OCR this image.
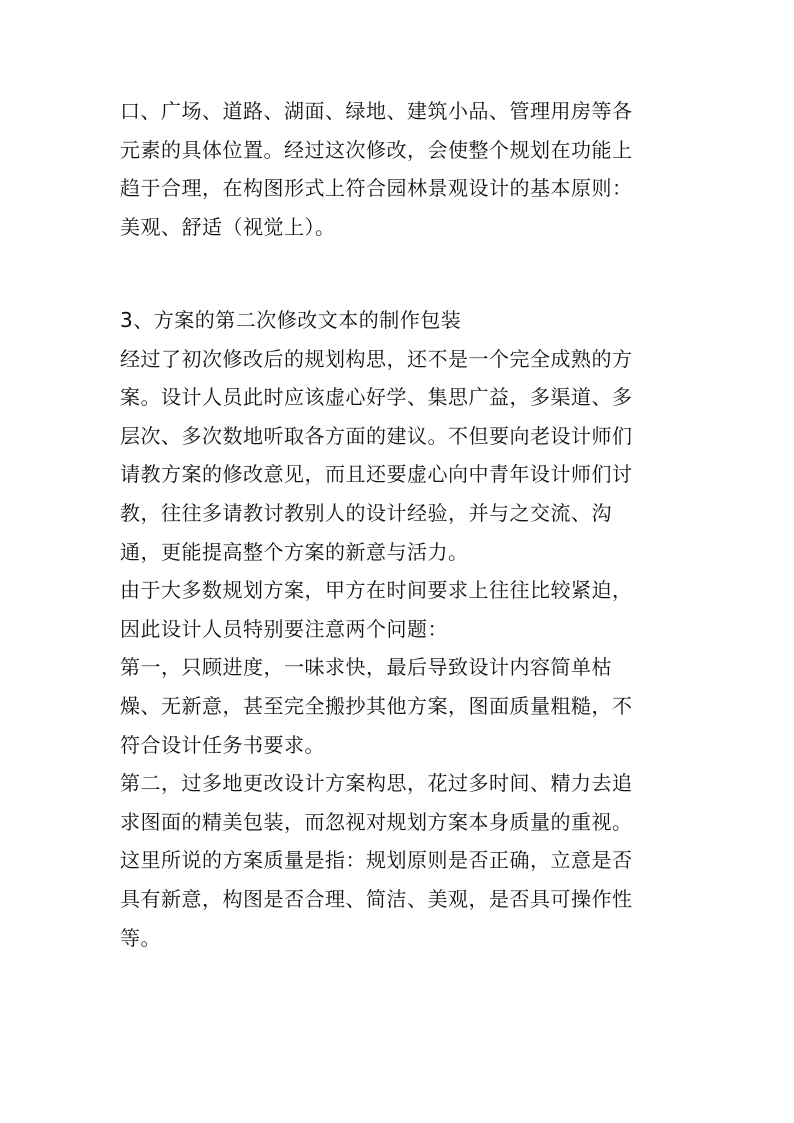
口、广场、道路、湖面、绿地、建筑小品、管理用房等各
元素的具体位置。经过这次修改，会使整个规划在功能上
趋于合理，在构图形式上符合园林景观设计的基本原则：
美观、舒适（视觉上）。
3、方案的第二次修改文本的制作包装
经过了初次修改后的规划构思，还不是一个完全成熟的方
案。设计人员此时应该虚心好学、集思广益，多渠道、多
层次、多次数地听取各方面的建议。不但要向老设计师们
请教方案的修改意见，而且还要虚心向中青年设计师们讨
教，往往多请教讨教别人的设计经验，并与之交流、沟
通，更能提高整个方案的新意与活力。
由于大多数规划方案，甲方在时间要求上往往比较紧迫，
因此设计人员特别要注意两个问题：
第一，只顾进度，一味求快，最后导致设计内容简单枯
燥、无新意，甚至完全搬抄其他方案，图面质量粗糙，不
符合设计任务书要求。
第二，过多地更改设计方案构思，花过多时间、精力去追
求图面的精美包装，而忽视对规划方案本身质量的重视。
这里所说的方案质量是指：规划原则是否正确，立意是否
具有新意，构图是否合理、简洁、美观，是否具可操作性
等。
